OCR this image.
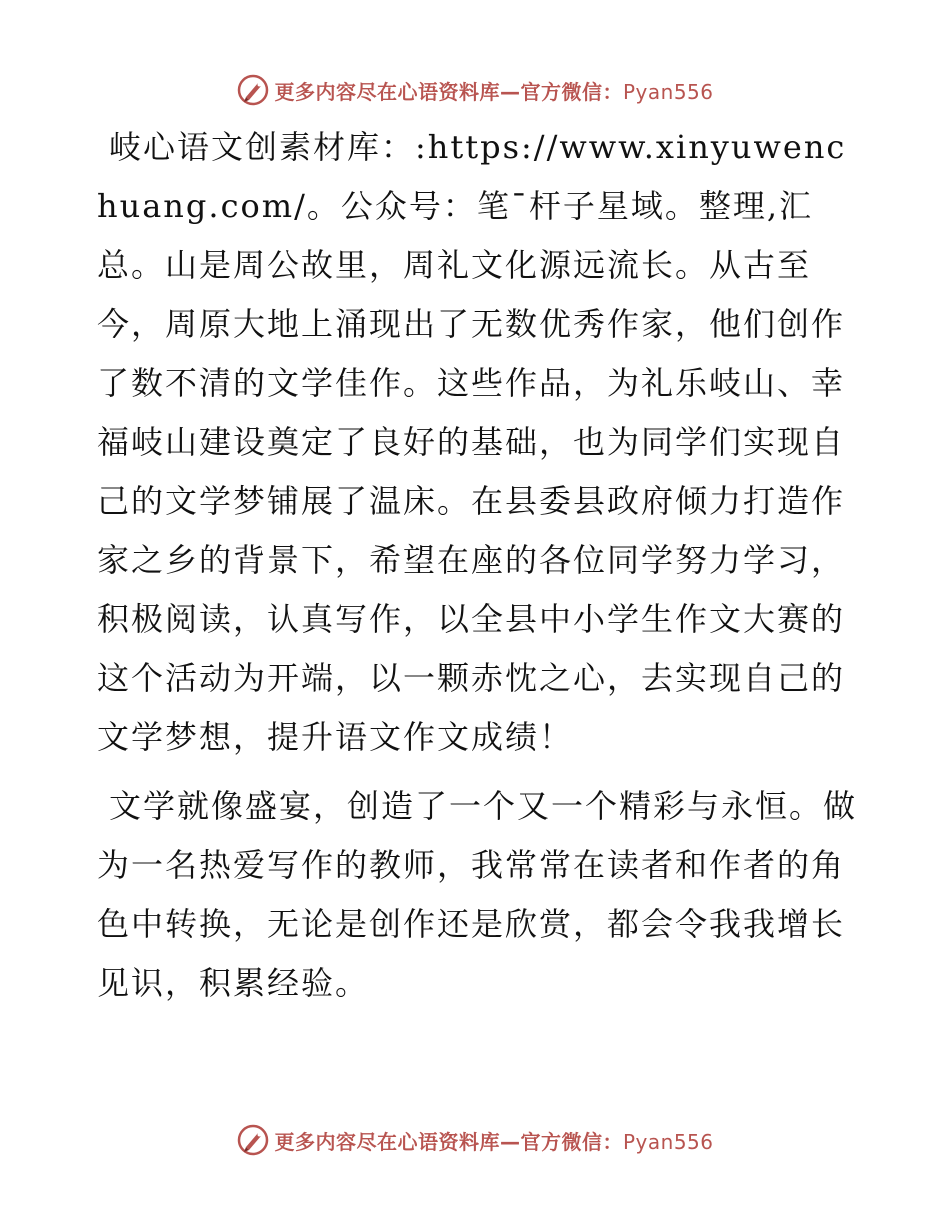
更多内容尽在心语资料库—官方微信：Pyan556

岐心语文创素材库：:https://www.xinyuwenchuang.com/。公众号：笔¯杆子星域。整理,汇总。山是周公故里，周礼文化源远流长。从古至今，周原大地上涌现出了无数优秀作家，他们创作了数不清的文学佳作。这些作品，为礼乐岐山、幸福岐山建设奠定了良好的基础，也为同学们实现自己的文学梦铺展了温床。在县委县政府倾力打造作家之乡的背景下，希望在座的各位同学努力学习，积极阅读，认真写作，以全县中小学生作文大赛的这个活动为开端，以一颗赤忱之心，去实现自己的文学梦想，提升语文作文成绩！

文学就像盛宴，创造了一个又一个精彩与永恒。做为一名热爱写作的教师，我常常在读者和作者的角色中转换，无论是创作还是欣赏，都会令我我增长见识，积累经验。

更多内容尽在心语资料库—官方微信：Pyan556
